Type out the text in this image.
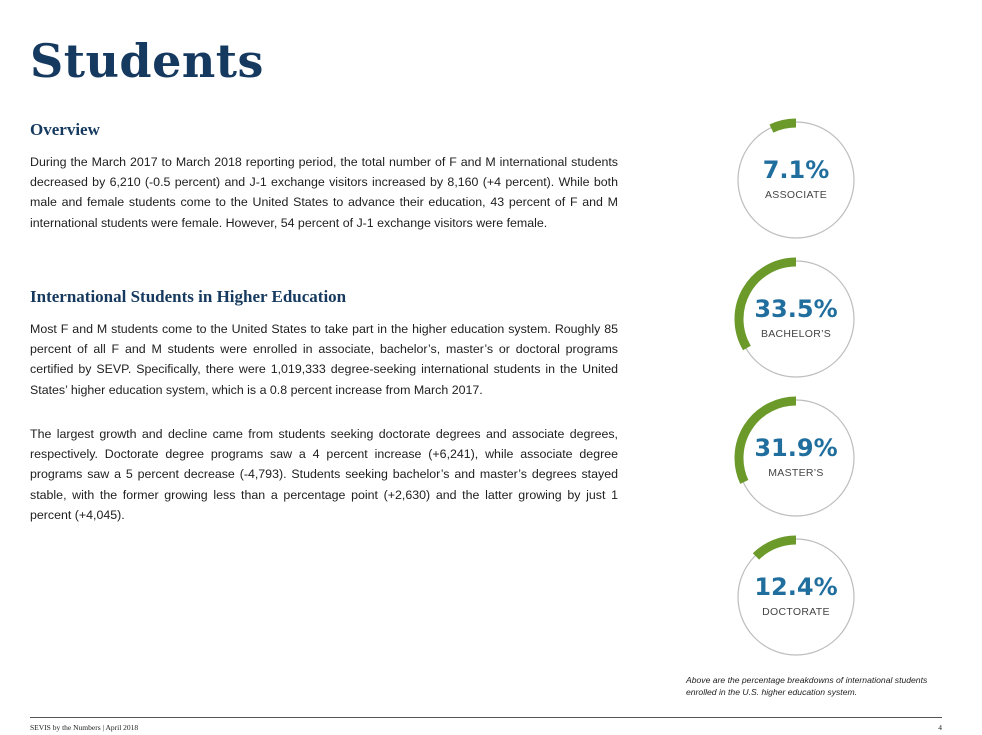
Students
Overview

During the March 2017 to March 2018 reporting period, the total number of F and M international students decreased by 6,210 (-0.5 percent) and J-1 exchange visitors increased by 8,160 (+4 percent). While both male and female students come to the United States to advance their education, 43 percent of F and M international students were female. However, 54 percent of J-1 exchange visitors were female.

International Students in Higher Education

Most F and M students come to the United States to take part in the higher education system. Roughly 85 percent of all F and M students were enrolled in associate, bachelor’s, master’s or doctoral programs certified by SEVP. Specifically, there were 1,019,333 degree-seeking international students in the United States’ higher education system, which is a 0.8 percent increase from March 2017.

The largest growth and decline came from students seeking doctorate degrees and associate degrees, respectively. Doctorate degree programs saw a 4 percent increase (+6,241), while associate degree programs saw a 5 percent decrease (-4,793). Students seeking bachelor’s and master’s degrees stayed stable, with the former growing less than a percentage point (+2,630) and the latter growing by just 1 percent (+4,045).

7.1%
ASSOCIATE
33.5%
BACHELOR’S
31.9%
MASTER’S
12.4%
DOCTORATE

Above are the percentage breakdowns of international students enrolled in the U.S. higher education system.

SEVIS by the Numbers | April 2018	4
